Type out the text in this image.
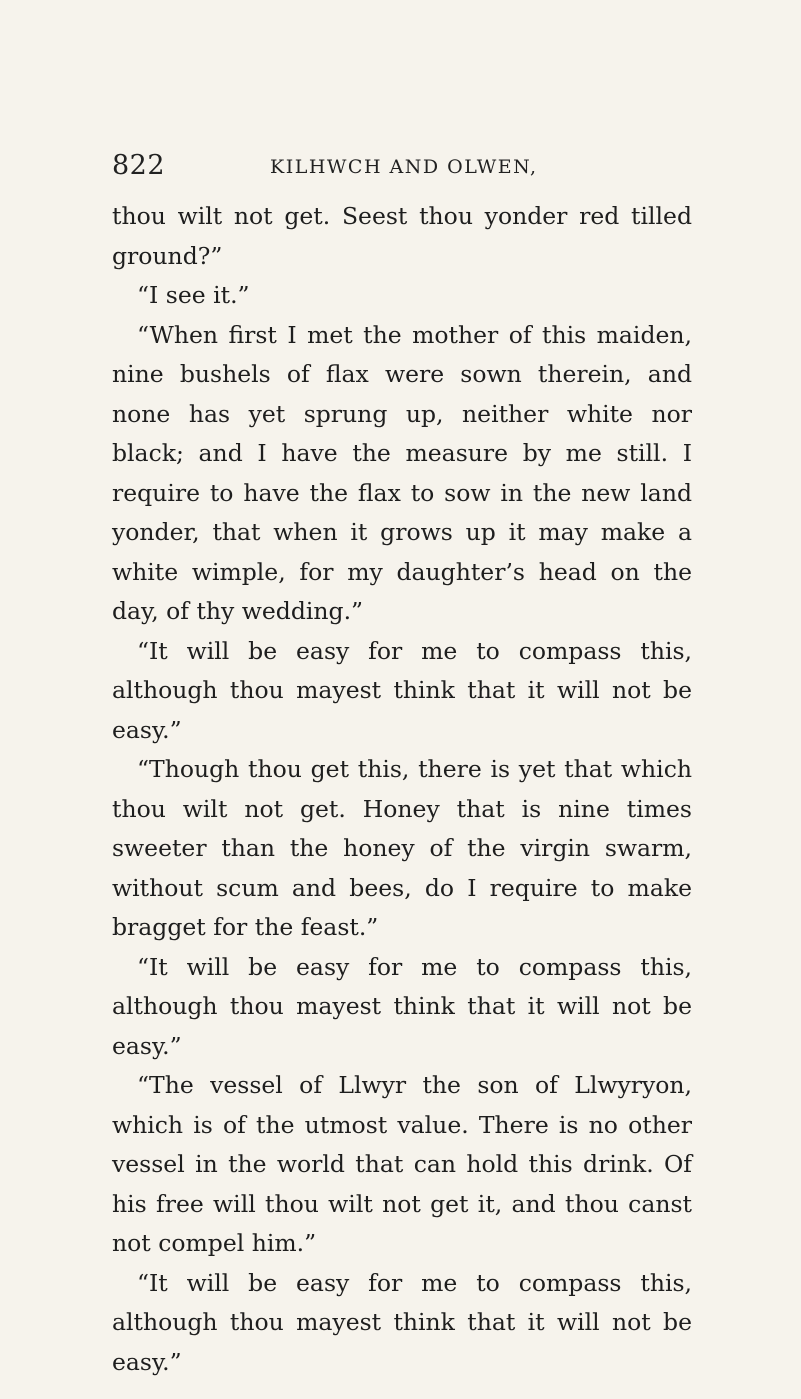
822	KILHWCH AND OLWEN,

thou wilt not get. Seest thou yonder red tilled ground?”

“I see it.”

“When first I met the mother of this maiden, nine bushels of flax were sown therein, and none has yet sprung up, neither white nor black; and I have the measure by me still. I require to have the flax to sow in the new land yonder, that when it grows up it may make a white wimple, for my daughter’s head on the day, of thy wedding.”

“It will be easy for me to compass this, although thou mayest think that it will not be easy.”

“Though thou get this, there is yet that which thou wilt not get. Honey that is nine times sweeter than the honey of the virgin swarm, without scum and bees, do I require to make bragget for the feast.”

“It will be easy for me to compass this, although thou mayest think that it will not be easy.”

“The vessel of Llwyr the son of Llwyryon, which is of the utmost value. There is no other vessel in the world that can hold this drink. Of his free will thou wilt not get it, and thou canst not compel him.”

“It will be easy for me to compass this, although thou mayest think that it will not be easy.”
